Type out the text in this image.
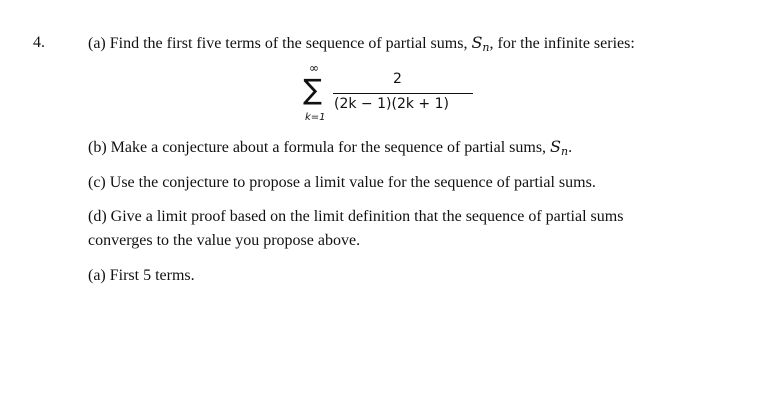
4.	(a) Find the first five terms of the sequence of partial sums, $S_n$, for the infinite series:
∞
∑
k=1
2
(2k − 1)(2k + 1)
(b) Make a conjecture about a formula for the sequence of partial sums, $S_n$.
(c) Use the conjecture to propose a limit value for the sequence of partial sums.
(d) Give a limit proof based on the limit definition that the sequence of partial sums
converges to the value you propose above.
(a) First 5 terms.
